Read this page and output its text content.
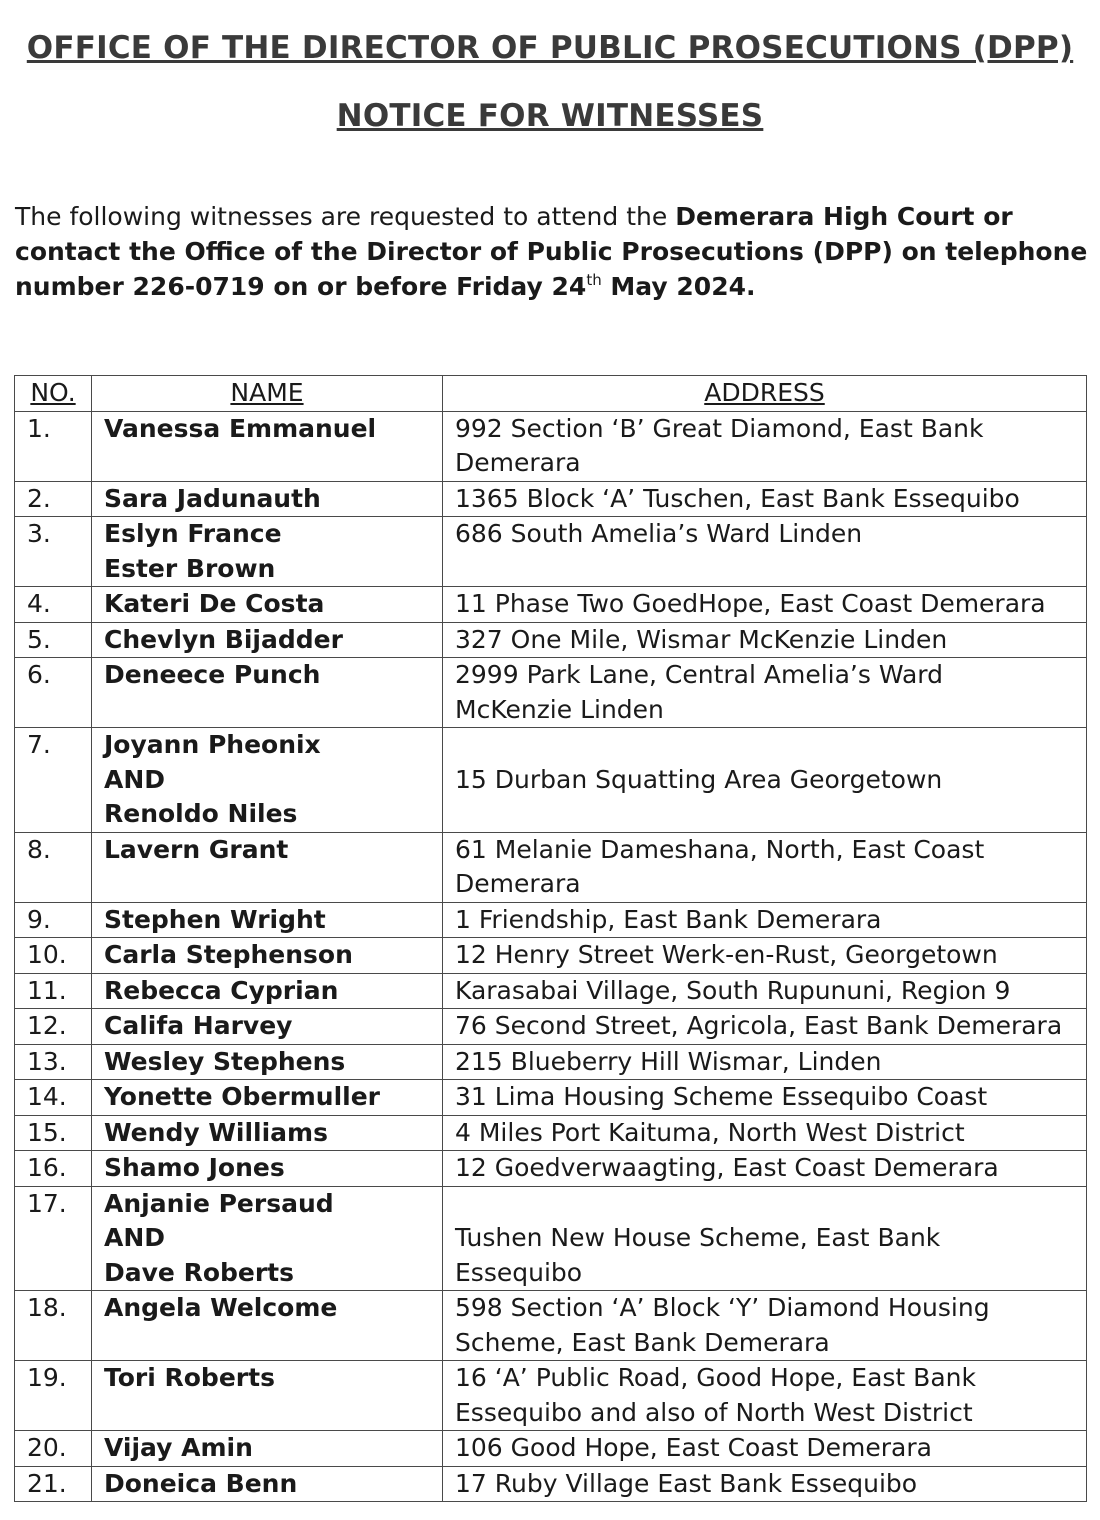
OFFICE OF THE DIRECTOR OF PUBLIC PROSECUTIONS (DPP)
NOTICE FOR WITNESSES
The following witnesses are requested to attend the Demerara High Court or contact the Office of the Director of Public Prosecutions (DPP) on telephone number 226-0719 on or before Friday 24th May 2024.
NO.	NAME	ADDRESS
1.	Vanessa Emmanuel	992 Section ‘B’ Great Diamond, East Bank
Demerara

2.	Sara Jadunauth	1365 Block ‘A’ Tuschen, East Bank Essequibo

3.	Eslyn France
Ester Brown	686 South Amelia’s Ward Linden

4.	Kateri De Costa	11 Phase Two GoedHope, East Coast Demerara

5.	Chevlyn Bijadder	327 One Mile, Wismar McKenzie Linden

6.	Deneece Punch	2999 Park Lane, Central Amelia’s Ward
McKenzie Linden

7.	Joyann Pheonix
AND
Renoldo Niles	15 Durban Squatting Area Georgetown

8.	Lavern Grant	61 Melanie Dameshana, North, East Coast
Demerara

9.	Stephen Wright	1 Friendship, East Bank Demerara

10.	Carla Stephenson	12 Henry Street Werk-en-Rust, Georgetown

11.	Rebecca Cyprian	Karasabai Village, South Rupununi, Region 9

12.	Califa Harvey	76 Second Street, Agricola, East Bank Demerara

13.	Wesley Stephens	215 Blueberry Hill Wismar, Linden

14.	Yonette Obermuller	31 Lima Housing Scheme Essequibo Coast

15.	Wendy Williams	4 Miles Port Kaituma, North West District

16.	Shamo Jones	12 Goedverwaagting, East Coast Demerara

17.	Anjanie Persaud
AND
Dave Roberts	Tushen New House Scheme, East Bank
Essequibo

18.	Angela Welcome	598 Section ‘A’ Block ‘Y’ Diamond Housing
Scheme, East Bank Demerara

19.	Tori Roberts	16 ‘A’ Public Road, Good Hope, East Bank
Essequibo and also of North West District

20.	Vijay Amin	106 Good Hope, East Coast Demerara

21.	Doneica Benn	17 Ruby Village East Bank Essequibo
